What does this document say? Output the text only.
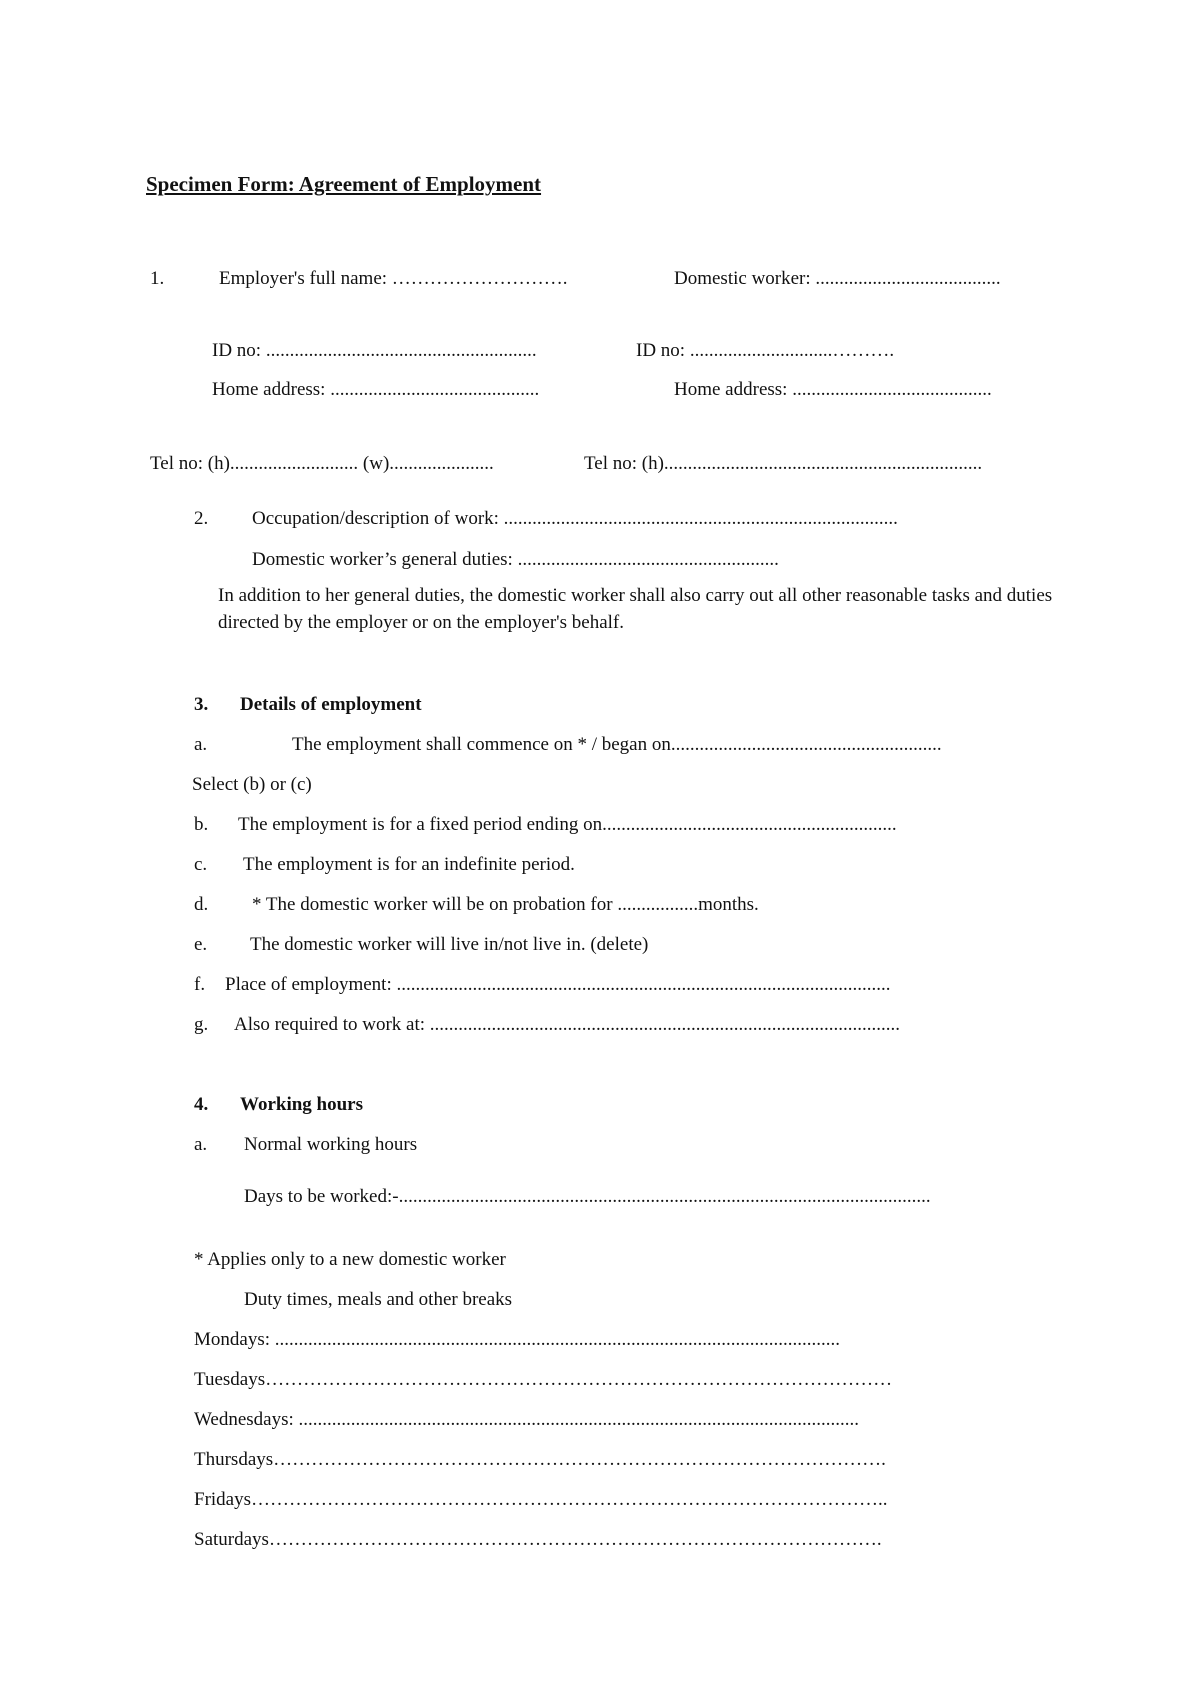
Specimen Form: Agreement of Employment
1.	Employer's full name: ……………………….	Domestic worker: .......................................
ID no: .........................................................	ID no: ..............................……….
Home address: ............................................	Home address: ..........................................
Tel no: (h)........................... (w)......................	Tel no: (h)...................................................................
2. Occupation/description of work: ...................................................................................
Domestic worker’s general duties: .......................................................
In addition to her general duties, the domestic worker shall also carry out all other reasonable tasks and duties directed by the employer or on the employer's behalf.
3. Details of employment
a.	The employment shall commence on * / began on.........................................................
Select (b) or (c)
b. The employment is for a fixed period ending on..............................................................
c. The employment is for an indefinite period.
d. * The domestic worker will be on probation for .................months.
e. The domestic worker will live in/not live in. (delete)
f. Place of employment: ........................................................................................................
g. Also required to work at: ...................................................................................................
4. Working hours
a. Normal working hours
Days to be worked:-................................................................................................................
* Applies only to a new domestic worker
Duty times, meals and other breaks
Mondays: .......................................................................................................................
Tuesdays………………………………………………………………………………………
Wednesdays: ......................................................................................................................
Thursdays…………………………………………………………………………………….
Fridays………………………………………………………………………………………..
Saturdays…………………………………………………………………………………….
